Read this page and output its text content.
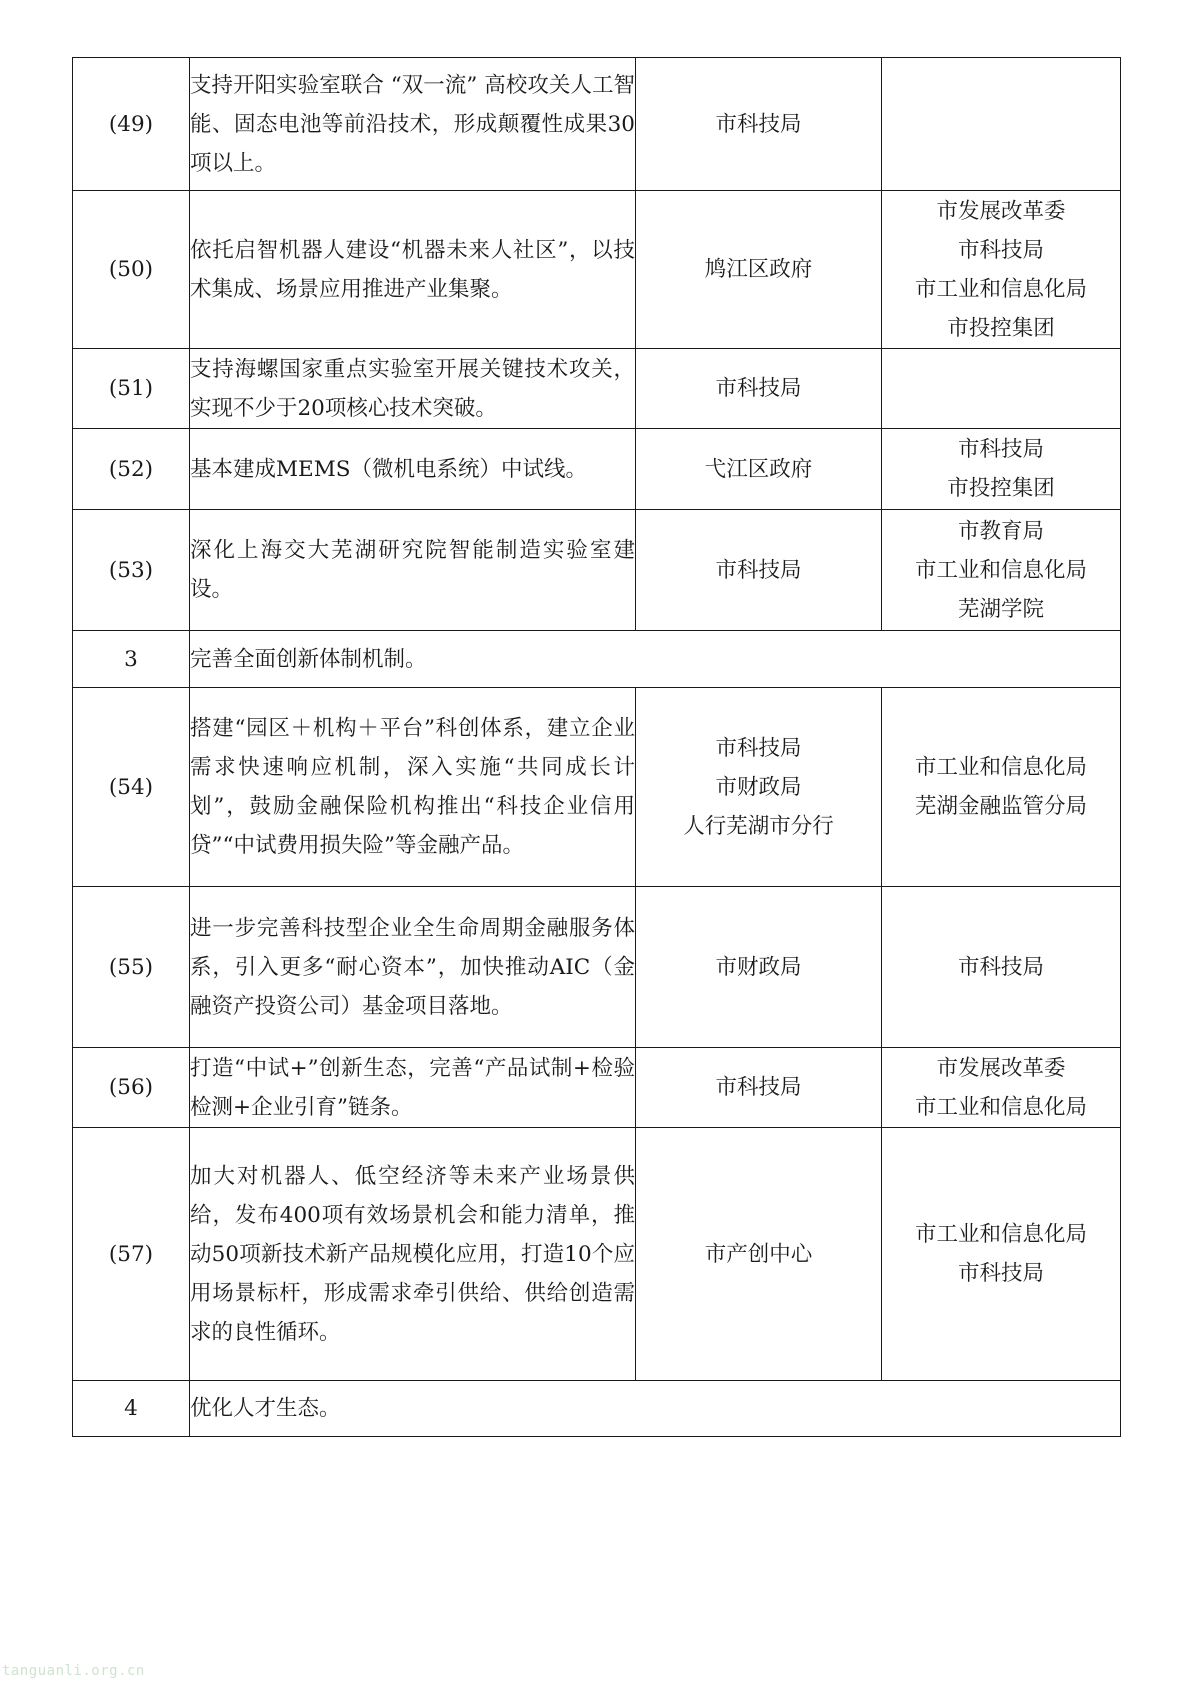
(49)	支持开阳实验室联合 “双一流” 高校攻关人工智能、固态电池等前沿技术，形成颠覆性成果30项以上。	市科技局	

(50)	依托启智机器人建设“机器未来人社区”，以技术集成、场景应用推进产业集聚。	鸠江区政府	市发展改革委
市科技局
市工业和信息化局
市投控集团

(51)	支持海螺国家重点实验室开展关键技术攻关，实现不少于20项核心技术突破。	市科技局	

(52)	基本建成MEMS（微机电系统）中试线。	弋江区政府	市科技局
市投控集团

(53)	深化上海交大芜湖研究院智能制造实验室建设。	市科技局	市教育局
市工业和信息化局
芜湖学院

3	完善全面创新体制机制。		
(54)	搭建“园区＋机构＋平台”科创体系，建立企业需求快速响应机制，深入实施“共同成长计划”，鼓励金融保险机构推出“科技企业信用贷”“中试费用损失险”等金融产品。	市科技局
市财政局
人行芜湖市分行	市工业和信息化局
芜湖金融监管分局

(55)	进一步完善科技型企业全生命周期金融服务体系，引入更多“耐心资本”，加快推动AIC（金融资产投资公司）基金项目落地。	市财政局	市科技局

(56)	打造“中试+”创新生态，完善“产品试制+检验检测+企业引育”链条。	市科技局	市发展改革委
市工业和信息化局

(57)	加大对机器人、低空经济等未来产业场景供给，发布400项有效场景机会和能力清单，推动50项新技术新产品规模化应用，打造10个应用场景标杆，形成需求牵引供给、供给创造需求的良性循环。	市产创中心	市工业和信息化局
市科技局

4	优化人才生态。		
tanguanli.org.cn
